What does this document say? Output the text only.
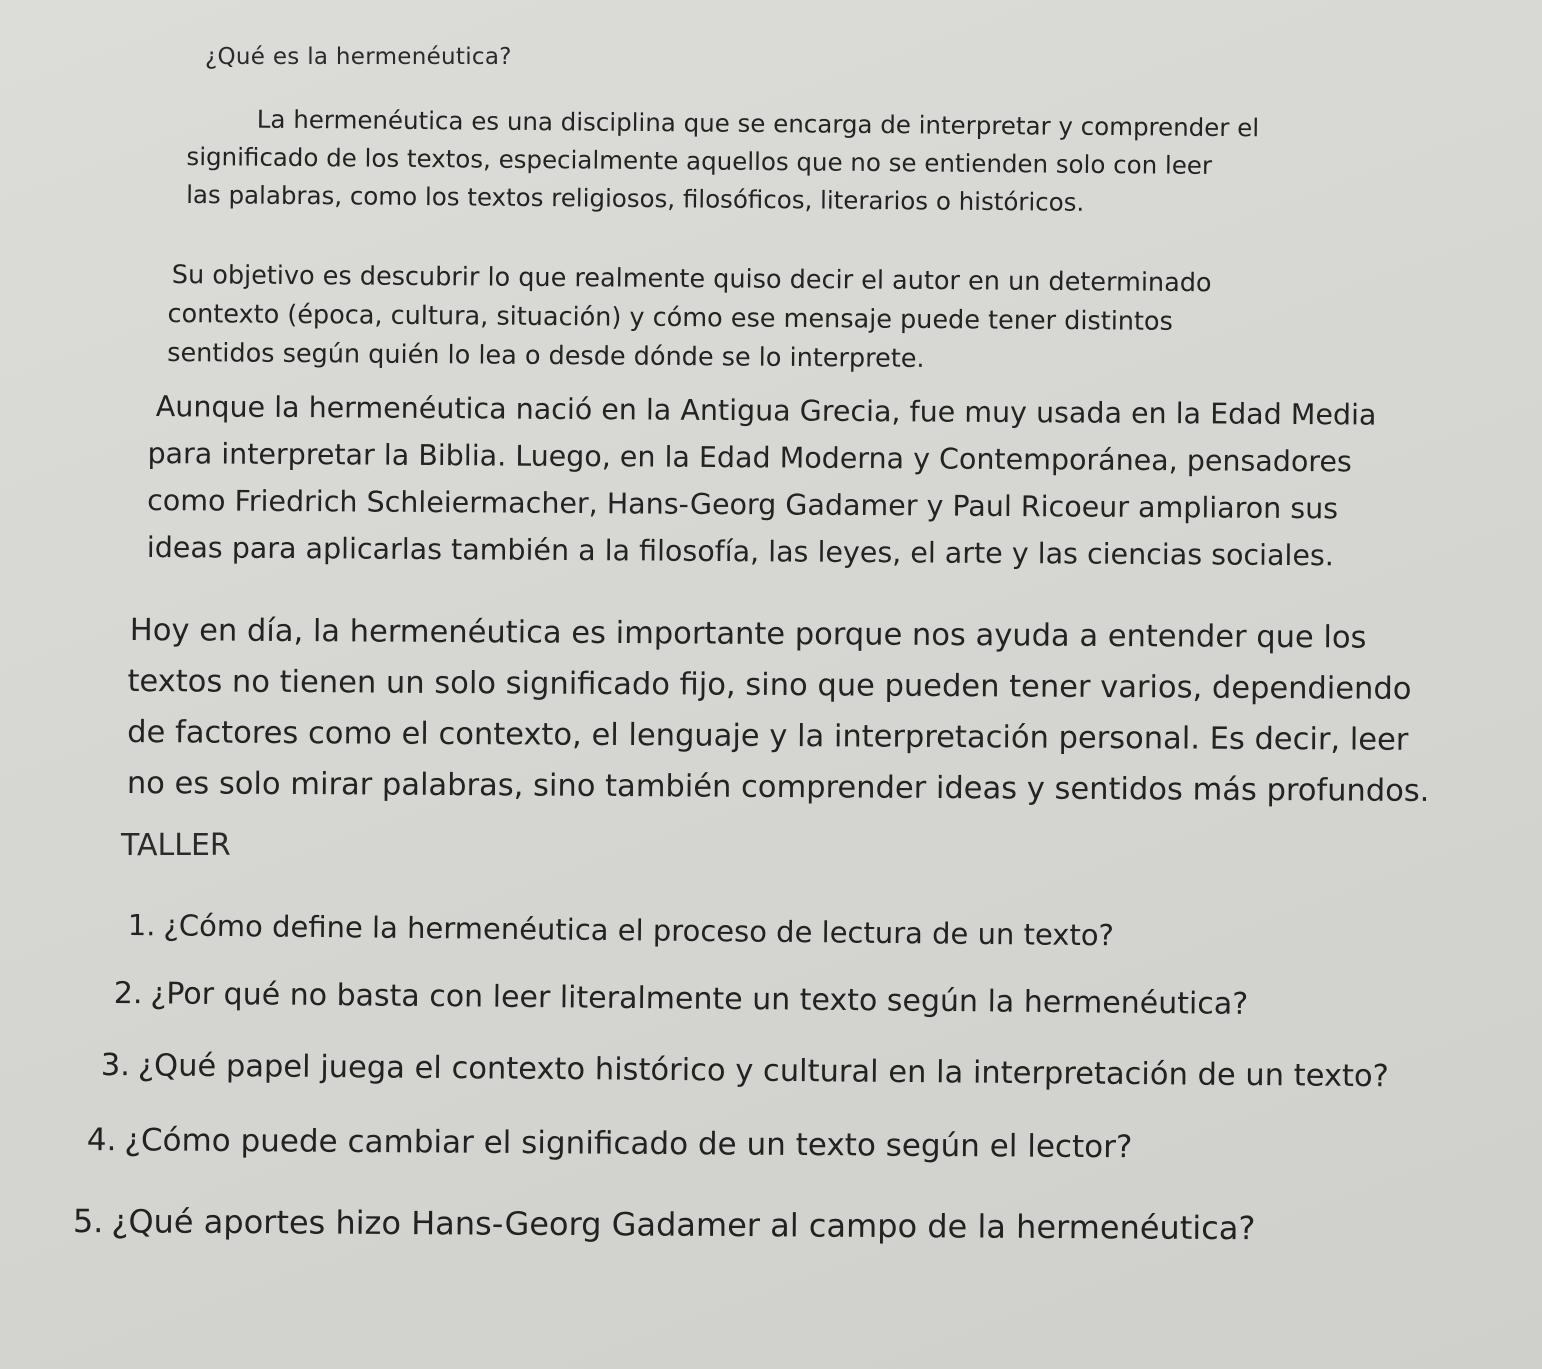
¿Qué es la hermenéutica?

La hermenéutica es una disciplina que se encarga de interpretar y comprender el
significado de los textos, especialmente aquellos que no se entienden solo con leer
las palabras, como los textos religiosos, filosóficos, literarios o históricos.

Su objetivo es descubrir lo que realmente quiso decir el autor en un determinado
contexto (época, cultura, situación) y cómo ese mensaje puede tener distintos
sentidos según quién lo lea o desde dónde se lo interprete.

Aunque la hermenéutica nació en la Antigua Grecia, fue muy usada en la Edad Media
para interpretar la Biblia. Luego, en la Edad Moderna y Contemporánea, pensadores
como Friedrich Schleiermacher, Hans-Georg Gadamer y Paul Ricoeur ampliaron sus
ideas para aplicarlas también a la filosofía, las leyes, el arte y las ciencias sociales.

Hoy en día, la hermenéutica es importante porque nos ayuda a entender que los
textos no tienen un solo significado fijo, sino que pueden tener varios, dependiendo
de factores como el contexto, el lenguaje y la interpretación personal. Es decir, leer
no es solo mirar palabras, sino también comprender ideas y sentidos más profundos.

TALLER
1. ¿Cómo define la hermenéutica el proceso de lectura de un texto?
2. ¿Por qué no basta con leer literalmente un texto según la hermenéutica?
3. ¿Qué papel juega el contexto histórico y cultural en la interpretación de un texto?
4. ¿Cómo puede cambiar el significado de un texto según el lector?
5. ¿Qué aportes hizo Hans-Georg Gadamer al campo de la hermenéutica?
